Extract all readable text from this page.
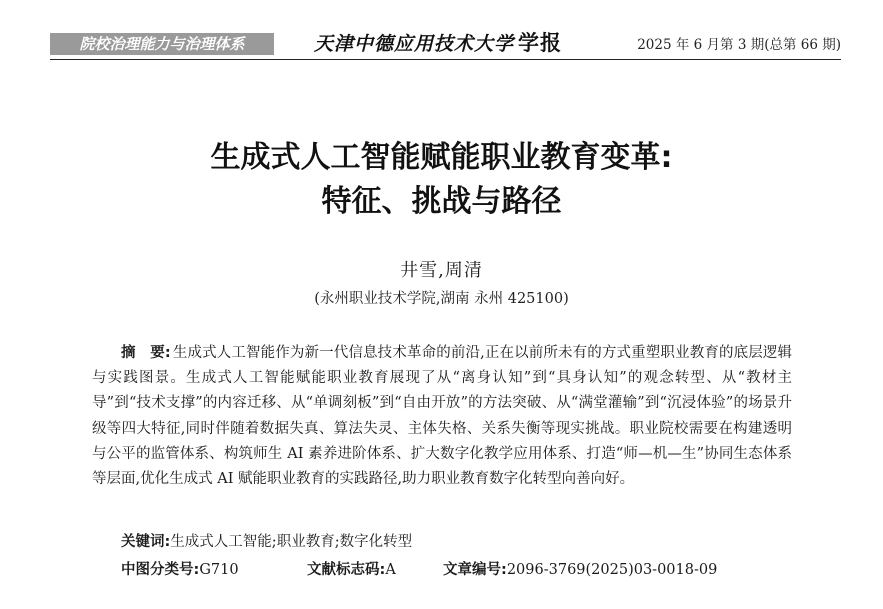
院校治理能力与治理体系	天津中德应用技术大学 学报	2025 年 6 月第 3 期(总第 66 期)
生成式人工智能赋能职业教育变革:
特征、挑战与路径
井雪,周清
(永州职业技术学院,湖南 永州 425100)

摘　要: 生成式人工智能作为新一代信息技术革命的前沿,正在以前所未有的方式重塑职业教育的底层逻辑与实践图景。生成式人工智能赋能职业教育展现了从“离身认知”到“具身认知”的观念转型、从“教材主导”到“技术支撑”的内容迁移、从“单调刻板”到“自由开放”的方法突破、从“满堂灌输”到“沉浸体验”的场景升级等四大特征,同时伴随着数据失真、算法失灵、主体失格、关系失衡等现实挑战。职业院校需要在构建透明与公平的监管体系、构筑师生 AI 素养进阶体系、扩大数字化教学应用体系、打造“师—机—生”协同生态体系等层面,优化生成式 AI 赋能职业教育的实践路径,助力职业教育数字化转型向善向好。

关键词:生成式人工智能;职业教育;数字化转型
中图分类号:G710	文献标志码:A	文章编号:2096-3769(2025)03-0018-09
